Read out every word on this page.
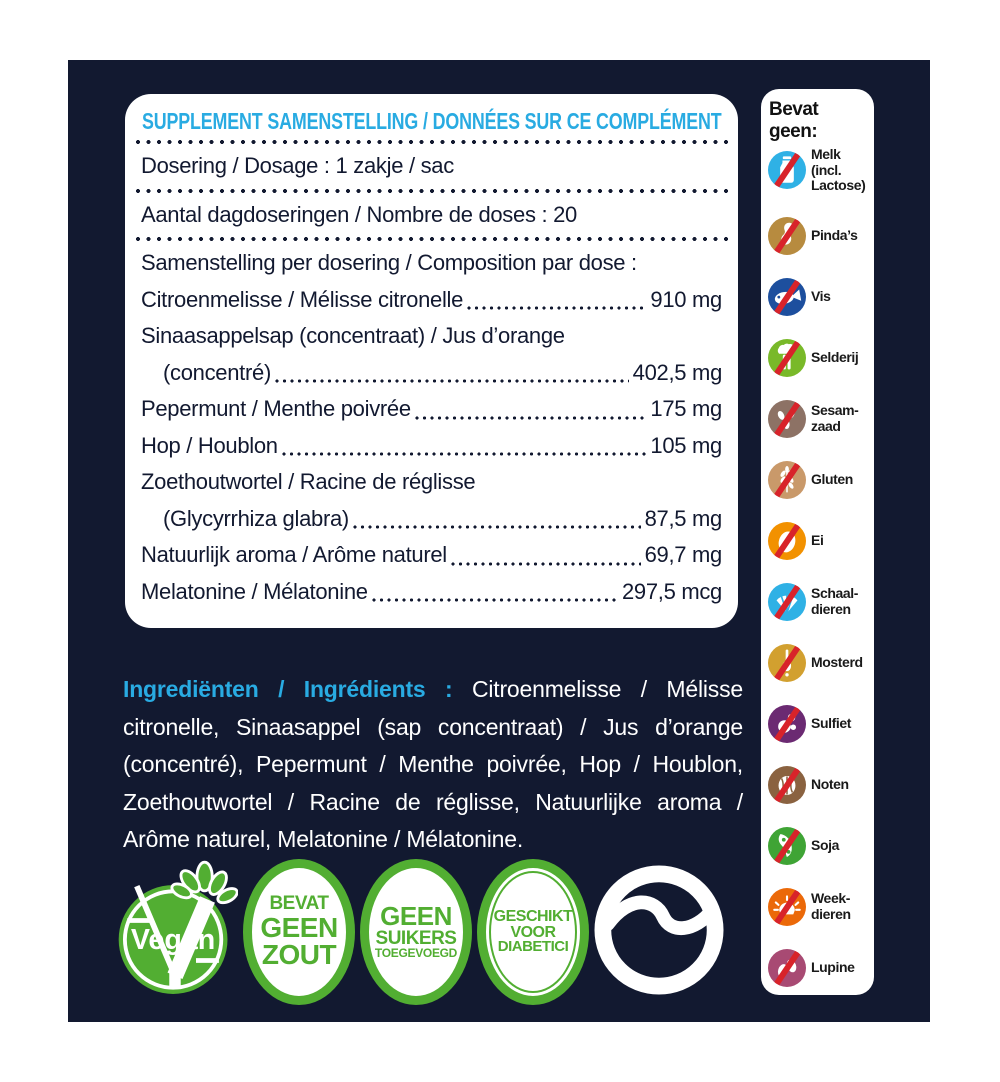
SUPPLEMENT SAMENSTELLING / DONNÉES SUR CE COMPLÉMENT
Dosering / Dosage : 1 zakje / sac
Aantal dagdoseringen / Nombre de doses : 20
Samenstelling per dosering / Composition par dose :
Citroenmelisse / Mélisse citronelle	910 mg
Sinaasappelsap (concentraat) / Jus d’orange
(concentré)	402,5 mg
Pepermunt / Menthe poivrée	175 mg
Hop / Houblon	105 mg
Zoethoutwortel / Racine de réglisse
(Glycyrrhiza glabra)	87,5 mg
Natuurlijk aroma / Arôme naturel	69,7 mg
Melatonine / Mélatonine	297,5 mcg

Ingrediënten / Ingrédients : Citroenmelisse / Mélisse citronelle, Sinaasappel (sap concentraat) / Jus d’orange (concentré), Pepermunt / Menthe poivrée, Hop / Houblon, Zoethoutwortel / Racine de réglisse, Natuurlijke aroma / Arôme naturel, Melatonine / Mélatonine.

Vegan
BEVAT
GEEN
ZOUT
GEEN
SUIKERS
TOEGEVOEGD
GESCHIKT
VOOR
DIABETICI
Bevat geen:
Melk
(incl.
Lactose)
Pinda’s
Vis
Selderij
Sesam-
zaad
Gluten
Ei
Schaal-
dieren
Mosterd
Sulfiet
Noten
Soja
Week-
dieren
Lupine
